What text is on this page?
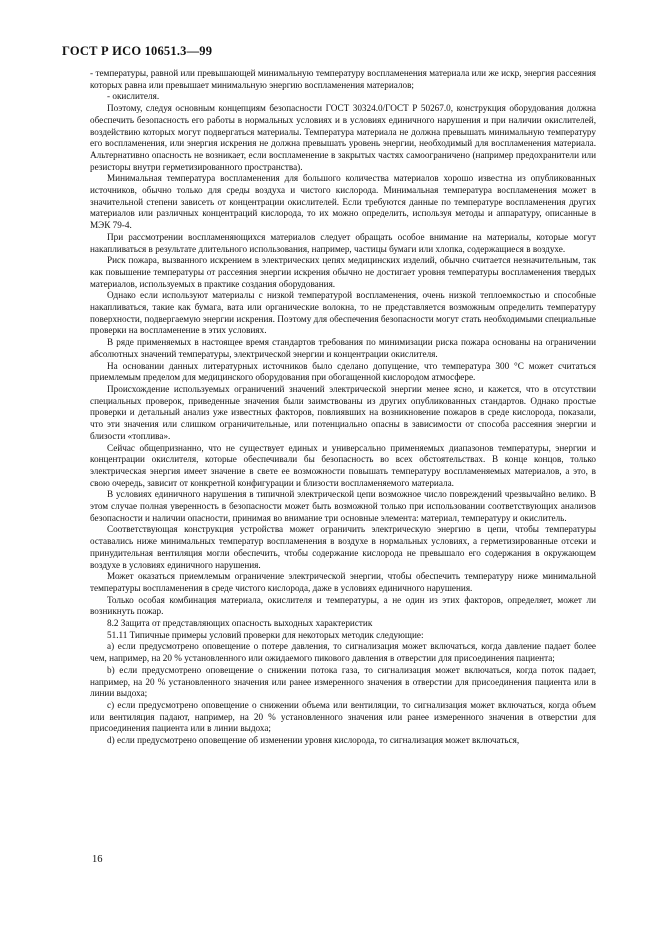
ГОСТ Р ИСО 10651.3—99

- температуры, равной или превышающей минимальную температуру воспламенения материала или же искр, энергия рассеяния которых равна или превышает минимальную энергию воспламенения материалов;

- окислителя.

Поэтому, следуя основным концепциям безопасности ГОСТ 30324.0/ГОСТ Р 50267.0, конструкция оборудования должна обеспечить безопасность его работы в нормальных условиях и в условиях единичного нарушения и при наличии окислителей, воздействию которых могут подвергаться материалы. Температура материала не должна превышать минимальную температуру его воспламенения, или энергия искрения не должна превышать уровень энергии, необходимый для воспламенения материала. Альтернативно опасность не возникает, если воспламенение в закрытых частях самоограничено (например предохранители или резисторы внутри герметизированного пространства).

Минимальная температура воспламенения для большого количества материалов хорошо известна из опубликованных источников, обычно только для среды воздуха и чистого кислорода. Минимальная температура воспламенения может в значительной степени зависеть от концентрации окислителей. Если требуются данные по температуре воспламенения других материалов или различных концентраций кислорода, то их можно определить, используя методы и аппаратуру, описанные в МЭК 79-4.

При рассмотрении воспламеняющихся материалов следует обращать особое внимание на материалы, которые могут накапливаться в результате длительного использования, например, частицы бумаги или хлопка, содержащиеся в воздухе.

Риск пожара, вызванного искрением в электрических цепях медицинских изделий, обычно считается незначительным, так как повышение температуры от рассеяния энергии искрения обычно не достигает уровня температуры воспламенения твердых материалов, используемых в практике создания оборудования.

Однако если используют материалы с низкой температурой воспламенения, очень низкой теплоемкостью и способные накапливаться, такие как бумага, вата или органические волокна, то не представляется возможным определить температуру поверхности, подвергаемую энергии искрения. Поэтому для обеспечения безопасности могут стать необходимыми специальные проверки на воспламенение в этих условиях.

В ряде применяемых в настоящее время стандартов требования по минимизации риска пожара основаны на ограничении абсолютных значений температуры, электрической энергии и концентрации окислителя.

На основании данных литературных источников было сделано допущение, что температура 300 °С может считаться приемлемым пределом для медицинского оборудования при обогащенной кислородом атмосфере.

Происхождение используемых ограничений значений электрической энергии менее ясно, и кажется, что в отсутствии специальных проверок, приведенные значения были заимствованы из других опубликованных стандартов. Однако простые проверки и детальный анализ уже известных факторов, повлиявших на возникновение пожаров в среде кислорода, показали, что эти значения или слишком ограничительные, или потенциально опасны в зависимости от способа рассеяния энергии и близости «топлива».

Сейчас общепризнанно, что не существует единых и универсально применяемых диапазонов температуры, энергии и концентрации окислителя, которые обеспечивали бы безопасность во всех обстоятельствах. В конце концов, только электрическая энергия имеет значение в свете ее возможности повышать температуру воспламеняемых материалов, а это, в свою очередь, зависит от конкретной конфигурации и близости воспламеняемого материала.

В условиях единичного нарушения в типичной электрической цепи возможное число повреждений чрезвычайно велико. В этом случае полная уверенность в безопасности может быть возможной только при использовании соответствующих анализов безопасности и наличии опасности, принимая во внимание три основные элемента: материал, температуру и окислитель.

Соответствующая конструкция устройства может ограничить электрическую энергию в цепи, чтобы температуры оставались ниже минимальных температур воспламенения в воздухе в нормальных условиях, а герметизированные отсеки и принудительная вентиляция могли обеспечить, чтобы содержание кислорода не превышало его содержания в окружающем воздухе в условиях единичного нарушения.

Может оказаться приемлемым ограничение электрической энергии, чтобы обеспечить температуру ниже минимальной температуры воспламенения в среде чистого кислорода, даже в условиях единичного нарушения.

Только особая комбинация материала, окислителя и температуры, а не один из этих факторов, определяет, может ли возникнуть пожар.

8.2 Защита от представляющих опасность выходных характеристик

51.11 Типичные примеры условий проверки для некоторых методик следующие:

a) если предусмотрено оповещение о потере давления, то сигнализация может включаться, когда давление падает более чем, например, на 20 % установленного или ожидаемого пикового давления в отверстии для присоединения пациента;

b) если предусмотрено оповещение о снижении потока газа, то сигнализация может включаться, когда поток падает, например, на 20 % установленного значения или ранее измеренного значения в отверстии для присоединения пациента или в линии выдоха;

c) если предусмотрено оповещение о снижении объема или вентиляции, то сигнализация может включаться, когда объем или вентиляция падают, например, на 20 % установленного значения или ранее измеренного значения в отверстии для присоединения пациента или в линии выдоха;

d) если предусмотрено оповещение об изменении уровня кислорода, то сигнализация может включаться,

16
